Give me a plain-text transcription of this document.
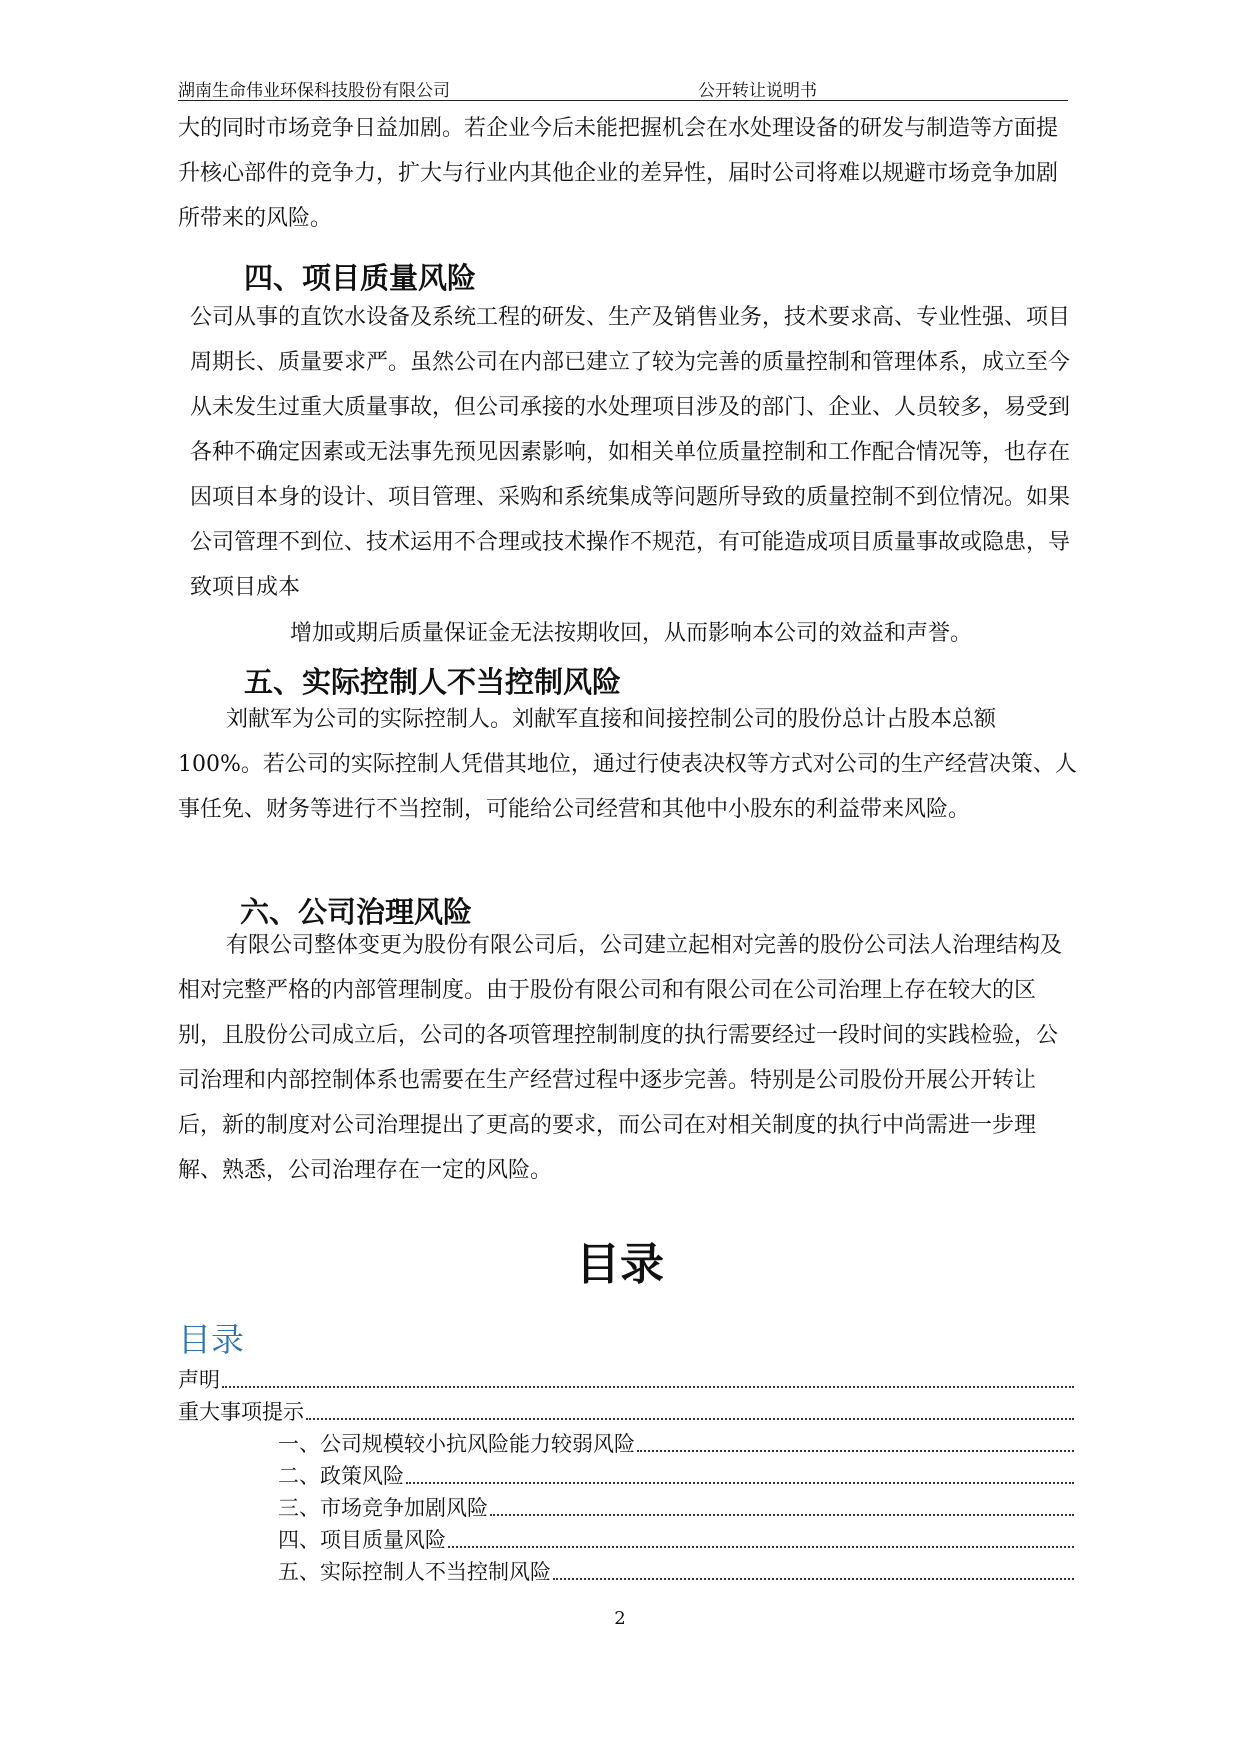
湖南生命伟业环保科技股份有限公司	公开转让说明书

大的同时市场竞争日益加剧。若企业今后未能把握机会在水处理设备的研发与制造等方面提升核心部件的竞争力，扩大与行业内其他企业的差异性，届时公司将难以规避市场竞争加剧所带来的风险。

四、项目质量风险

公司从事的直饮水设备及系统工程的研发、生产及销售业务，技术要求高、专业性强、项目周期长、质量要求严。虽然公司在内部已建立了较为完善的质量控制和管理体系，成立至今从未发生过重大质量事故，但公司承接的水处理项目涉及的部门、企业、人员较多，易受到各种不确定因素或无法事先预见因素影响，如相关单位质量控制和工作配合情况等，也存在因项目本身的设计、项目管理、采购和系统集成等问题所导致的质量控制不到位情况。如果公司管理不到位、技术运用不合理或技术操作不规范，有可能造成项目质量事故或隐患，导致项目成本

增加或期后质量保证金无法按期收回，从而影响本公司的效益和声誉。

五、实际控制人不当控制风险

刘献军为公司的实际控制人。刘献军直接和间接控制公司的股份总计占股本总额 100%。若公司的实际控制人凭借其地位，通过行使表决权等方式对公司的生产经营决策、人事任免、财务等进行不当控制，可能给公司经营和其他中小股东的利益带来风险。

六、公司治理风险

有限公司整体变更为股份有限公司后，公司建立起相对完善的股份公司法人治理结构及相对完整严格的内部管理制度。由于股份有限公司和有限公司在公司治理上存在较大的区别，且股份公司成立后，公司的各项管理控制制度的执行需要经过一段时间的实践检验，公司治理和内部控制体系也需要在生产经营过程中逐步完善。特别是公司股份开展公开转让后，新的制度对公司治理提出了更高的要求，而公司在对相关制度的执行中尚需进一步理解、熟悉，公司治理存在一定的风险。

目录
目录
声明
重大事项提示
一、公司规模较小抗风险能力较弱风险
二、政策风险
三、市场竞争加剧风险
四、项目质量风险
五、实际控制人不当控制风险
2
